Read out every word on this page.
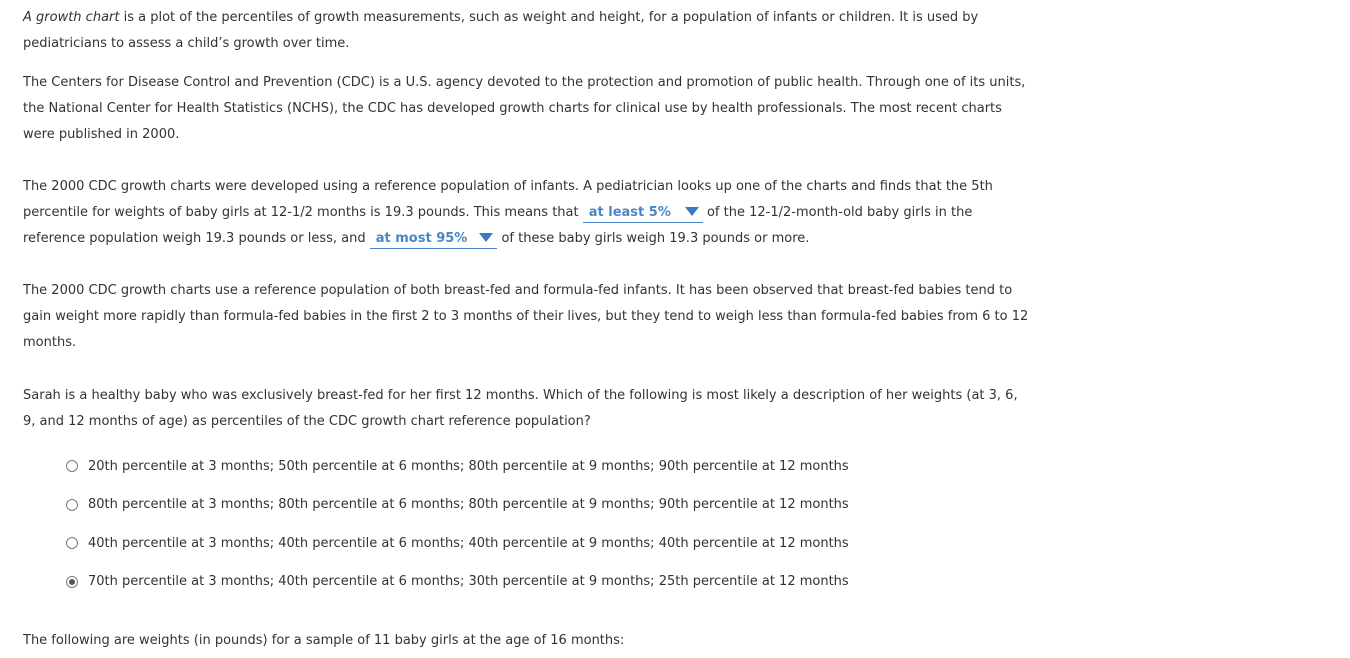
A growth chart is a plot of the percentiles of growth measurements, such as weight and height, for a population of infants or children. It is used by pediatricians to assess a child’s growth over time.

The Centers for Disease Control and Prevention (CDC) is a U.S. agency devoted to the protection and promotion of public health. Through one of its units, the National Center for Health Statistics (NCHS), the CDC has developed growth charts for clinical use by health professionals. The most recent charts were published in 2000.

The 2000 CDC growth charts were developed using a reference population of infants. A pediatrician looks up one of the charts and finds that the 5th percentile for weights of baby girls at 12-1/2 months is 19.3 pounds. This means that at least 5% of the 12-1/2-month-old baby girls in the reference population weigh 19.3 pounds or less, and at most 95% of these baby girls weigh 19.3 pounds or more.

The 2000 CDC growth charts use a reference population of both breast-fed and formula-fed infants. It has been observed that breast-fed babies tend to gain weight more rapidly than formula-fed babies in the first 2 to 3 months of their lives, but they tend to weigh less than formula-fed babies from 6 to 12 months.

Sarah is a healthy baby who was exclusively breast-fed for her first 12 months. Which of the following is most likely a description of her weights (at 3, 6, 9, and 12 months of age) as percentiles of the CDC growth chart reference population?

20th percentile at 3 months; 50th percentile at 6 months; 80th percentile at 9 months; 90th percentile at 12 months
80th percentile at 3 months; 80th percentile at 6 months; 80th percentile at 9 months; 90th percentile at 12 months
40th percentile at 3 months; 40th percentile at 6 months; 40th percentile at 9 months; 40th percentile at 12 months
70th percentile at 3 months; 40th percentile at 6 months; 30th percentile at 9 months; 25th percentile at 12 months

The following are weights (in pounds) for a sample of 11 baby girls at the age of 16 months:
